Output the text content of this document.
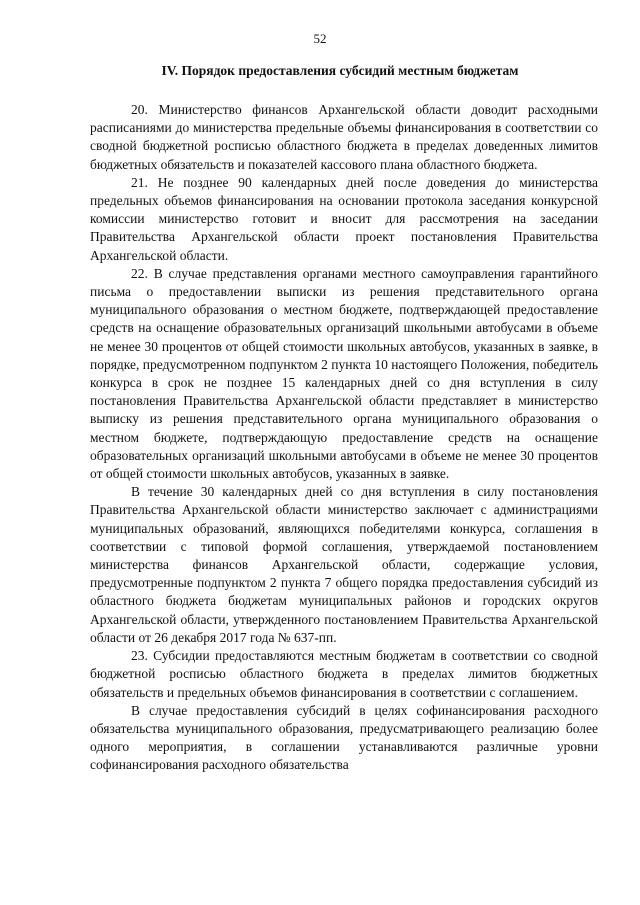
52
IV. Порядок предоставления субсидий местным бюджетам

20. Министерство финансов Архангельской области доводит расходными расписаниями до министерства предельные объемы финансирования в соответствии со сводной бюджетной росписью областного бюджета в пределах доведенных лимитов бюджетных обязательств и показателей кассового плана областного бюджета.

21. Не позднее 90 календарных дней после доведения до министерства предельных объемов финансирования на основании протокола заседания конкурсной комиссии министерство готовит и вносит для рассмотрения на заседании Правительства Архангельской области проект постановления Правительства Архангельской области.

22. В случае представления органами местного самоуправления гарантийного письма о предоставлении выписки из решения представительного органа муниципального образования о местном бюджете, подтверждающей предоставление средств на оснащение образовательных организаций школьными автобусами в объеме не менее 30 процентов от общей стоимости школьных автобусов, указанных в заявке, в порядке, предусмотренном подпунктом 2 пункта 10 настоящего Положения, победитель конкурса в срок не позднее 15 календарных дней со дня вступления в силу постановления Правительства Архангельской области представляет в министерство выписку из решения представительного органа муниципального образования о местном бюджете, подтверждающую предоставление средств на оснащение образовательных организаций школьными автобусами в объеме не менее 30 процентов от общей стоимости школьных автобусов, указанных в заявке.

В течение 30 календарных дней со дня вступления в силу постановления Правительства Архангельской области министерство заключает с администрациями муниципальных образований, являющихся победителями конкурса, соглашения в соответствии с типовой формой соглашения, утверждаемой постановлением министерства финансов Архангельской области, содержащие условия, предусмотренные подпунктом 2 пункта 7 общего порядка предоставления субсидий из областного бюджета бюджетам муниципальных районов и городских округов Архангельской области, утвержденного постановлением Правительства Архангельской области от 26 декабря 2017 года № 637-пп.

23. Субсидии предоставляются местным бюджетам в соответствии со сводной бюджетной росписью областного бюджета в пределах лимитов бюджетных обязательств и предельных объемов финансирования в соответствии с соглашением.

В случае предоставления субсидий в целях софинансирования расходного обязательства муниципального образования, предусматривающего реализацию более одного мероприятия, в соглашении устанавливаются различные уровни софинансирования расходного обязательства
